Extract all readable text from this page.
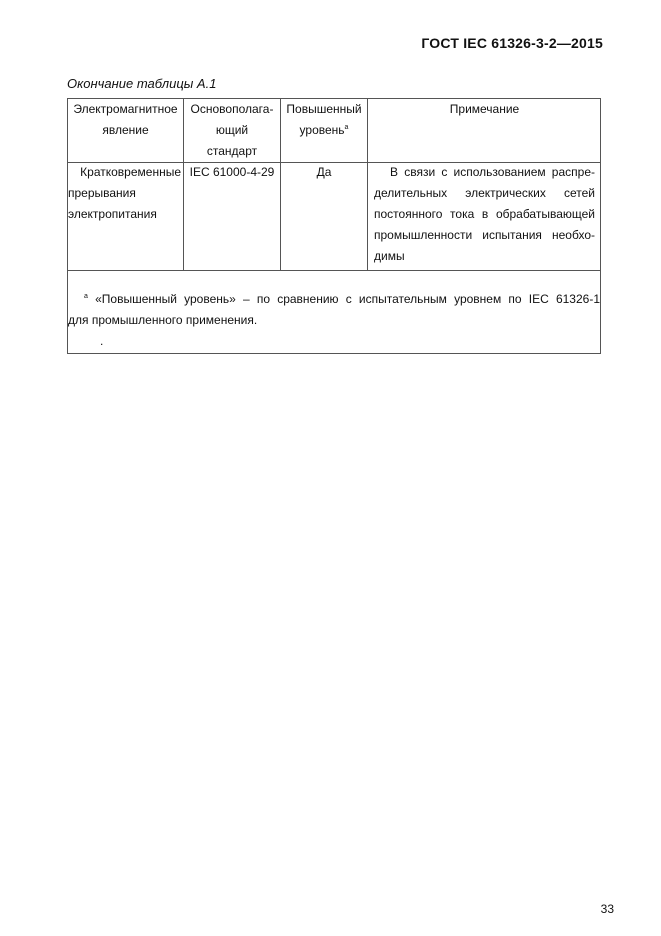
ГОСТ IEC 61326-3-2—2015
Окончание таблицы А.1
Электромагнитное
явление
Основополага-
ющий
стандарт
Повышенный
уровень$^a$
Примечание
Кратковременные
прерывания
электропитания
IEC 61000-4-29	Да	В связи с использованием распре-
делительных электрических сетей
постоянного тока в обрабатывающей
промышленности испытания необхо-
димы
$^a$ «Повышенный уровень» – по сравнению с испытательным уровнем по IEC 61326-1
для промышленного применения.
.
33
